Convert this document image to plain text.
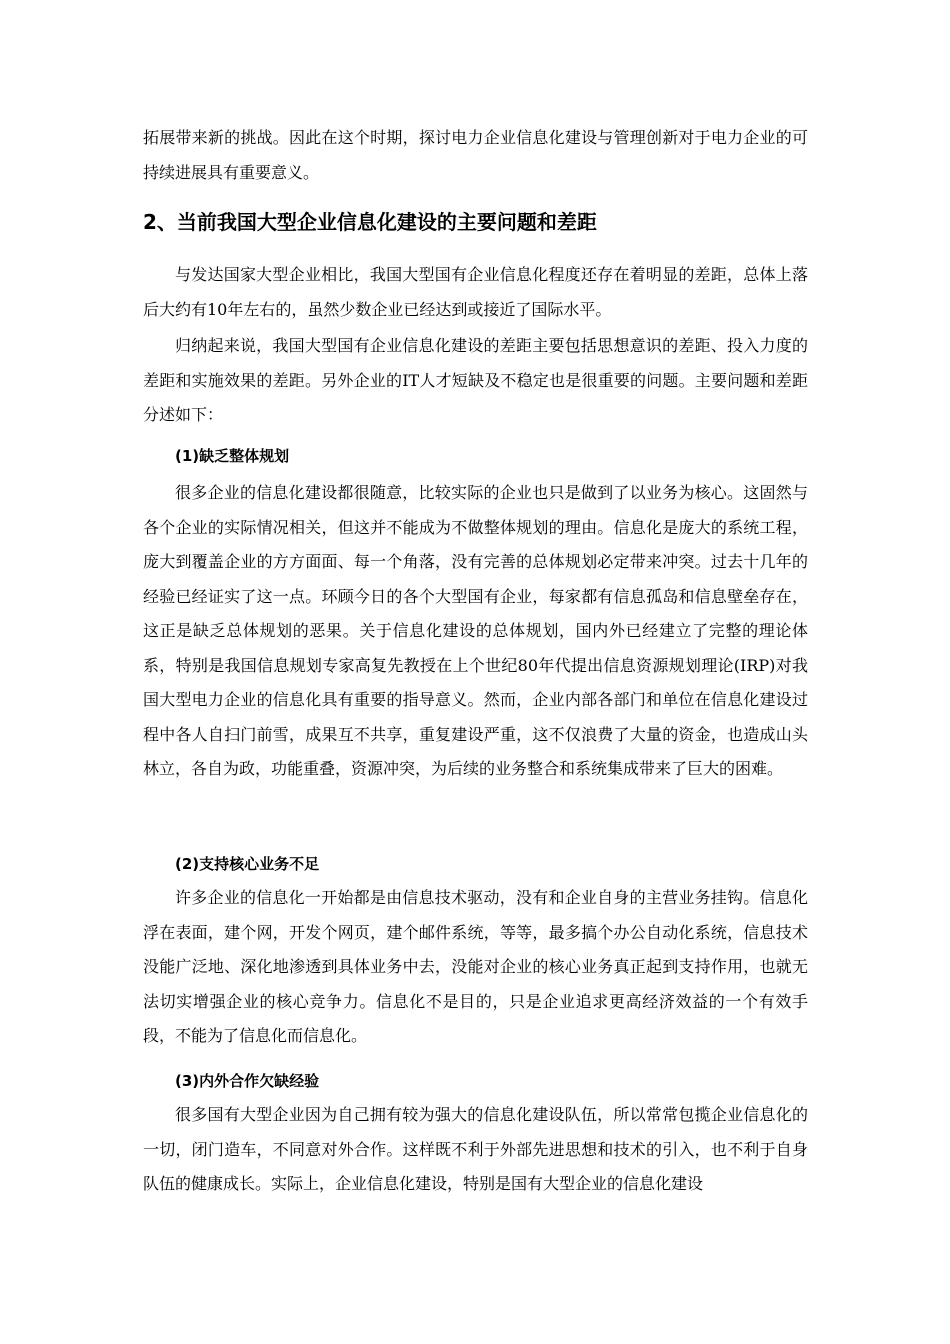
拓展带来新的挑战。因此在这个时期，探讨电力企业信息化建设与管理创新对于电力企业的可持续进展具有重要意义。
2、当前我国大型企业信息化建设的主要问题和差距
与发达国家大型企业相比，我国大型国有企业信息化程度还存在着明显的差距，总体上落后大约有10年左右的，虽然少数企业已经达到或接近了国际水平。
归纳起来说，我国大型国有企业信息化建设的差距主要包括思想意识的差距、投入力度的差距和实施效果的差距。另外企业的IT人才短缺及不稳定也是很重要的问题。主要问题和差距分述如下：
(1)缺乏整体规划
很多企业的信息化建设都很随意，比较实际的企业也只是做到了以业务为核心。这固然与各个企业的实际情况相关，但这并不能成为不做整体规划的理由。信息化是庞大的系统工程，庞大到覆盖企业的方方面面、每一个角落，没有完善的总体规划必定带来冲突。过去十几年的经验已经证实了这一点。环顾今日的各个大型国有企业，每家都有信息孤岛和信息壁垒存在，这正是缺乏总体规划的恶果。关于信息化建设的总体规划，国内外已经建立了完整的理论体系，特别是我国信息规划专家高复先教授在上个世纪80年代提出信息资源规划理论(IRP)对我国大型电力企业的信息化具有重要的指导意义。然而，企业内部各部门和单位在信息化建设过程中各人自扫门前雪，成果互不共享，重复建设严重，这不仅浪费了大量的资金，也造成山头林立，各自为政，功能重叠，资源冲突，为后续的业务整合和系统集成带来了巨大的困难。
(2)支持核心业务不足
许多企业的信息化一开始都是由信息技术驱动，没有和企业自身的主营业务挂钩。信息化浮在表面，建个网，开发个网页，建个邮件系统，等等，最多搞个办公自动化系统，信息技术没能广泛地、深化地渗透到具体业务中去，没能对企业的核心业务真正起到支持作用，也就无法切实增强企业的核心竞争力。信息化不是目的，只是企业追求更高经济效益的一个有效手段，不能为了信息化而信息化。
(3)内外合作欠缺经验
很多国有大型企业因为自己拥有较为强大的信息化建设队伍，所以常常包揽企业信息化的一切，闭门造车，不同意对外合作。这样既不利于外部先进思想和技术的引入，也不利于自身队伍的健康成长。实际上，企业信息化建设，特别是国有大型企业的信息化建设
